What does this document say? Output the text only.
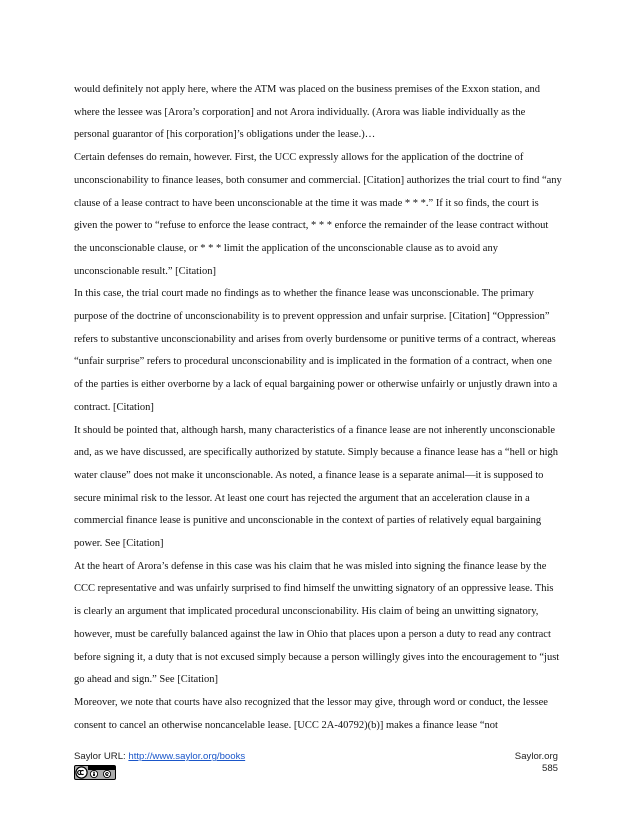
would definitely not apply here, where the ATM was placed on the business premises of the Exxon station, and where the lessee was [Arora’s corporation] and not Arora individually. (Arora was liable individually as the personal guarantor of [his corporation]’s obligations under the lease.)…

Certain defenses do remain, however. First, the UCC expressly allows for the application of the doctrine of unconscionability to finance leases, both consumer and commercial. [Citation] authorizes the trial court to find “any clause of a lease contract to have been unconscionable at the time it was made * * *.” If it so finds, the court is given the power to “refuse to enforce the lease contract, * * * enforce the remainder of the lease contract without the unconscionable clause, or * * * limit the application of the unconscionable clause as to avoid any unconscionable result.” [Citation]

In this case, the trial court made no findings as to whether the finance lease was unconscionable. The primary purpose of the doctrine of unconscionability is to prevent oppression and unfair surprise. [Citation] “Oppression” refers to substantive unconscionability and arises from overly burdensome or punitive terms of a contract, whereas “unfair surprise” refers to procedural unconscionability and is implicated in the formation of a contract, when one of the parties is either overborne by a lack of equal bargaining power or otherwise unfairly or unjustly drawn into a contract. [Citation]

It should be pointed that, although harsh, many characteristics of a finance lease are not inherently unconscionable and, as we have discussed, are specifically authorized by statute. Simply because a finance lease has a “hell or high water clause” does not make it unconscionable. As noted, a finance lease is a separate animal—it is supposed to secure minimal risk to the lessor. At least one court has rejected the argument that an acceleration clause in a commercial finance lease is punitive and unconscionable in the context of parties of relatively equal bargaining power. See [Citation]

At the heart of Arora’s defense in this case was his claim that he was misled into signing the finance lease by the CCC representative and was unfairly surprised to find himself the unwitting signatory of an oppressive lease. This is clearly an argument that implicated procedural unconscionability. His claim of being an unwitting signatory, however, must be carefully balanced against the law in Ohio that places upon a person a duty to read any contract before signing it, a duty that is not excused simply because a person willingly gives into the encouragement to “just go ahead and sign.” See [Citation]

Moreover, we note that courts have also recognized that the lessor may give, through word or conduct, the lessee consent to cancel an otherwise noncancelable lease. [UCC 2A-40792)(b)] makes a finance lease “not

Saylor URL: http://www.saylor.org/books	Saylor.org
585
